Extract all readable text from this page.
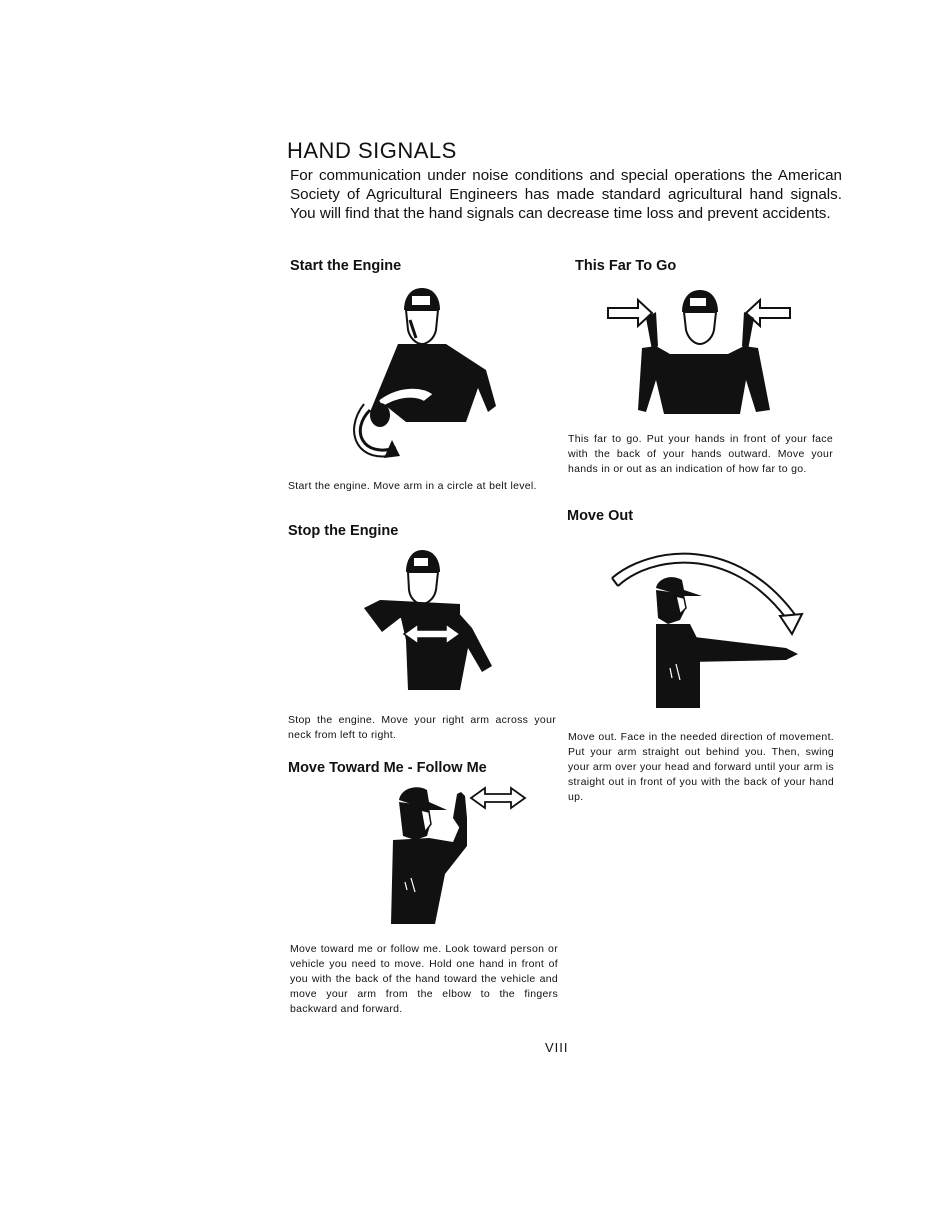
HAND SIGNALS
For communication under noise conditions and special operations the American Society of Agricultural Engineers has made standard agricultural hand signals. You will find that the hand signals can decrease time loss and prevent accidents.
Start the Engine
Start the engine. Move arm in a circle at belt level.
Stop the Engine
Stop the engine. Move your right arm across your neck from left to right.
Move Toward Me - Follow Me
Move toward me or follow me. Look toward person or vehicle you need to move. Hold one hand in front of you with the back of the hand toward the vehicle and move your arm from the elbow to the fingers backward and forward.
This Far To Go
This far to go. Put your hands in front of your face with the back of your hands outward. Move your hands in or out as an indication of how far to go.
Move Out
Move out. Face in the needed direction of movement. Put your arm straight out behind you. Then, swing your arm over your head and forward until your arm is straight out in front of you with the back of your hand up.
VIII
